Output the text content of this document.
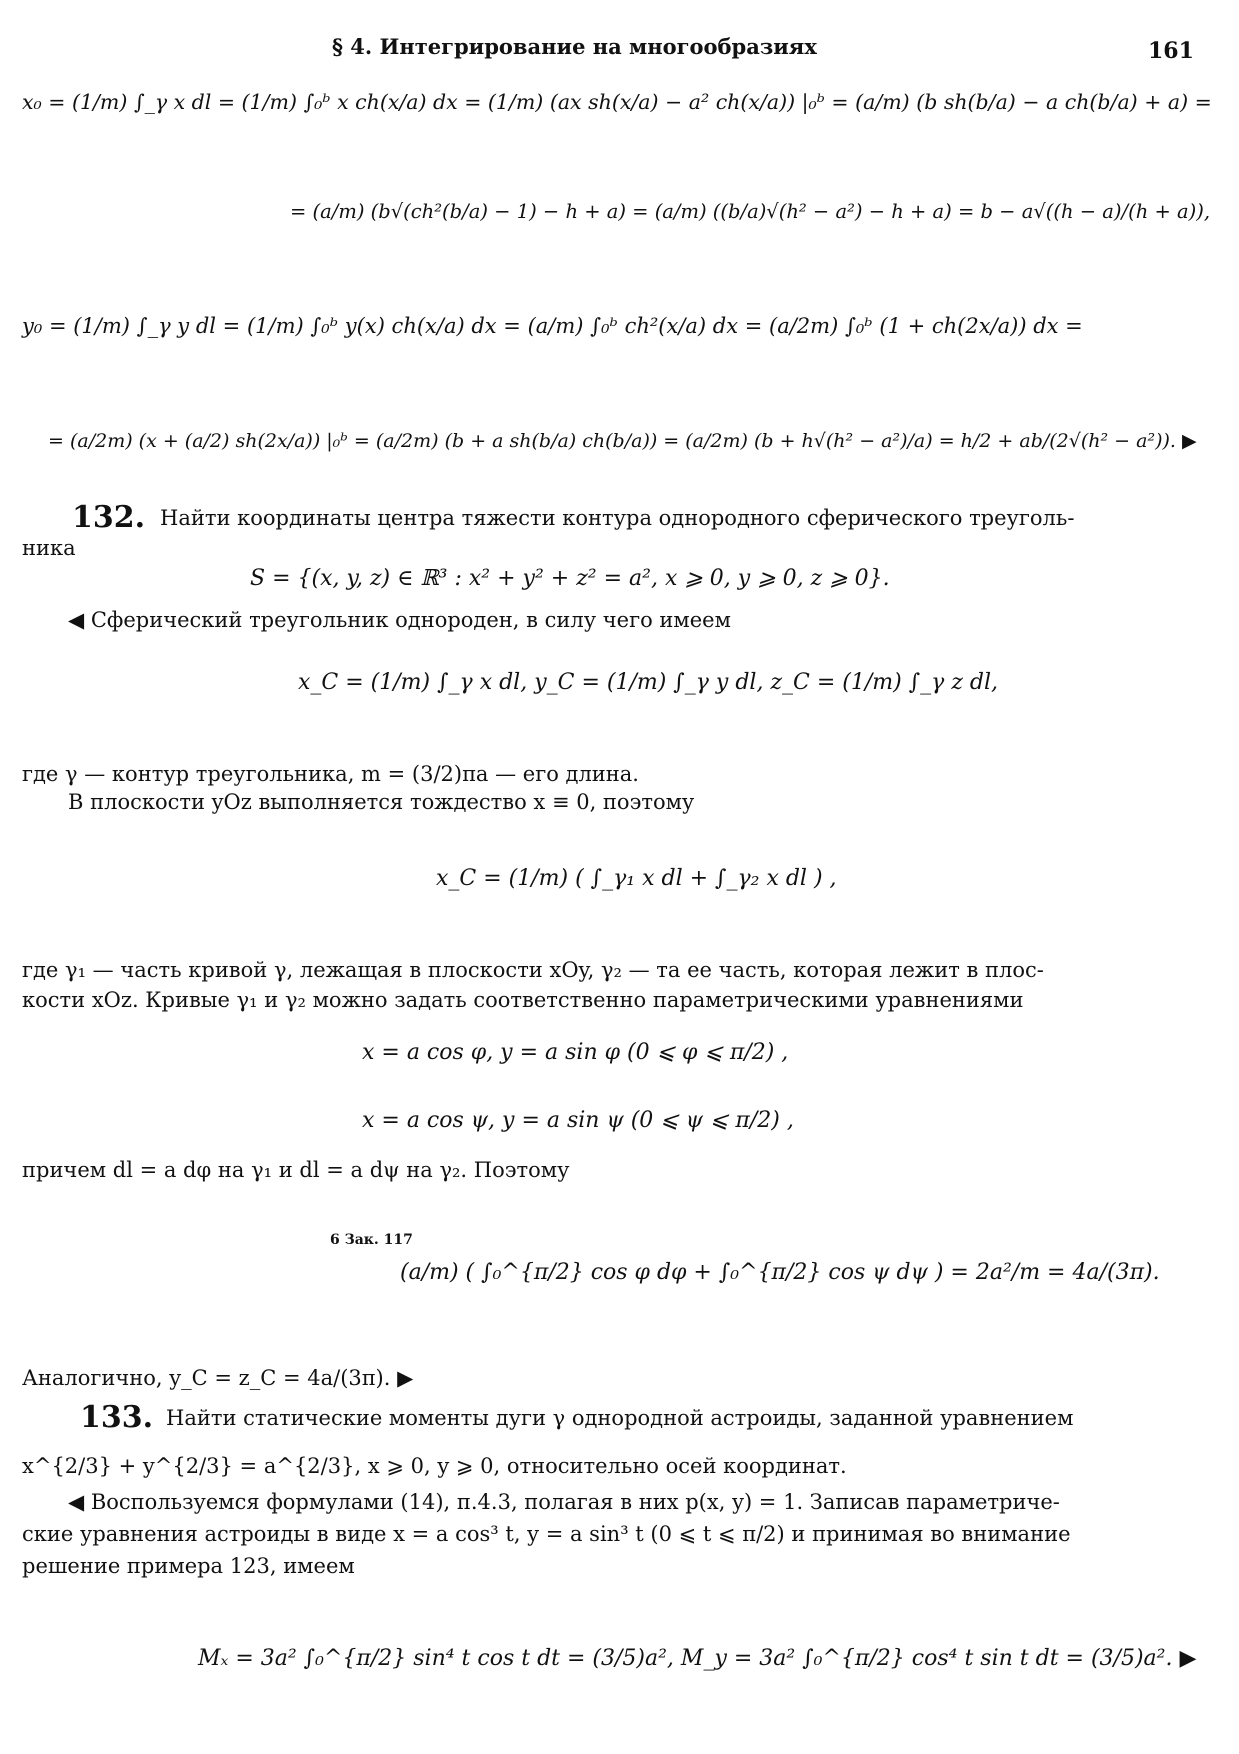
§ 4. Интегрирование на многообразиях	161
x₀ = (1/m) ∫_γ x dl = (1/m) ∫₀ᵇ x ch(x/a) dx = (1/m) (ax sh(x/a) − a² ch(x/a)) |₀ᵇ = (a/m) (b sh(b/a) − a ch(b/a) + a) =
= (a/m) (b√(ch²(b/a) − 1) − h + a) = (a/m) ((b/a)√(h² − a²) − h + a) = b − a√((h − a)/(h + a)),
y₀ = (1/m) ∫_γ y dl = (1/m) ∫₀ᵇ y(x) ch(x/a) dx = (a/m) ∫₀ᵇ ch²(x/a) dx = (a/2m) ∫₀ᵇ (1 + ch(2x/a)) dx =
= (a/2m) (x + (a/2) sh(2x/a)) |₀ᵇ = (a/2m) (b + a sh(b/a) ch(b/a)) = (a/2m) (b + h√(h² − a²)/a) = h/2 + ab/(2√(h² − a²)). ▶
132. Найти координаты центра тяжести контура однородного сферического треуголь-
ника
S = {(x, y, z) ∈ ℝ³ : x² + y² + z² = a², x ⩾ 0, y ⩾ 0, z ⩾ 0}.
◀ Сферический треугольник однороден, в силу чего имеем
x_C = (1/m) ∫_γ x dl, y_C = (1/m) ∫_γ y dl, z_C = (1/m) ∫_γ z dl,
где γ — контур треугольника, m = (3/2)πa — его длина.
В плоскости yOz выполняется тождество x ≡ 0, поэтому
x_C = (1/m) ( ∫_γ₁ x dl + ∫_γ₂ x dl ) ,
где γ₁ — часть кривой γ, лежащая в плоскости xOy, γ₂ — та ее часть, которая лежит в плос-
кости xOz. Кривые γ₁ и γ₂ можно задать соответственно параметрическими уравнениями
x = a cos φ, y = a sin φ (0 ⩽ φ ⩽ π/2) ,
x = a cos ψ, y = a sin ψ (0 ⩽ ψ ⩽ π/2) ,
причем dl = a dφ на γ₁ и dl = a dψ на γ₂. Поэтому
6 Зак. 117
(a/m) ( ∫₀^{π/2} cos φ dφ + ∫₀^{π/2} cos ψ dψ ) = 2a²/m = 4a/(3π).
Аналогично, y_C = z_C = 4a/(3π). ▶
133. Найти статические моменты дуги γ однородной астроиды, заданной уравнением
x^{2/3} + y^{2/3} = a^{2/3}, x ⩾ 0, y ⩾ 0, относительно осей координат.
◀ Воспользуемся формулами (14), п.4.3, полагая в них p(x, y) = 1. Записав параметриче-
ские уравнения астроиды в виде x = a cos³ t, y = a sin³ t (0 ⩽ t ⩽ π/2) и принимая во внимание
решение примера 123, имеем
Mₓ = 3a² ∫₀^{π/2} sin⁴ t cos t dt = (3/5)a², M_y = 3a² ∫₀^{π/2} cos⁴ t sin t dt = (3/5)a². ▶
